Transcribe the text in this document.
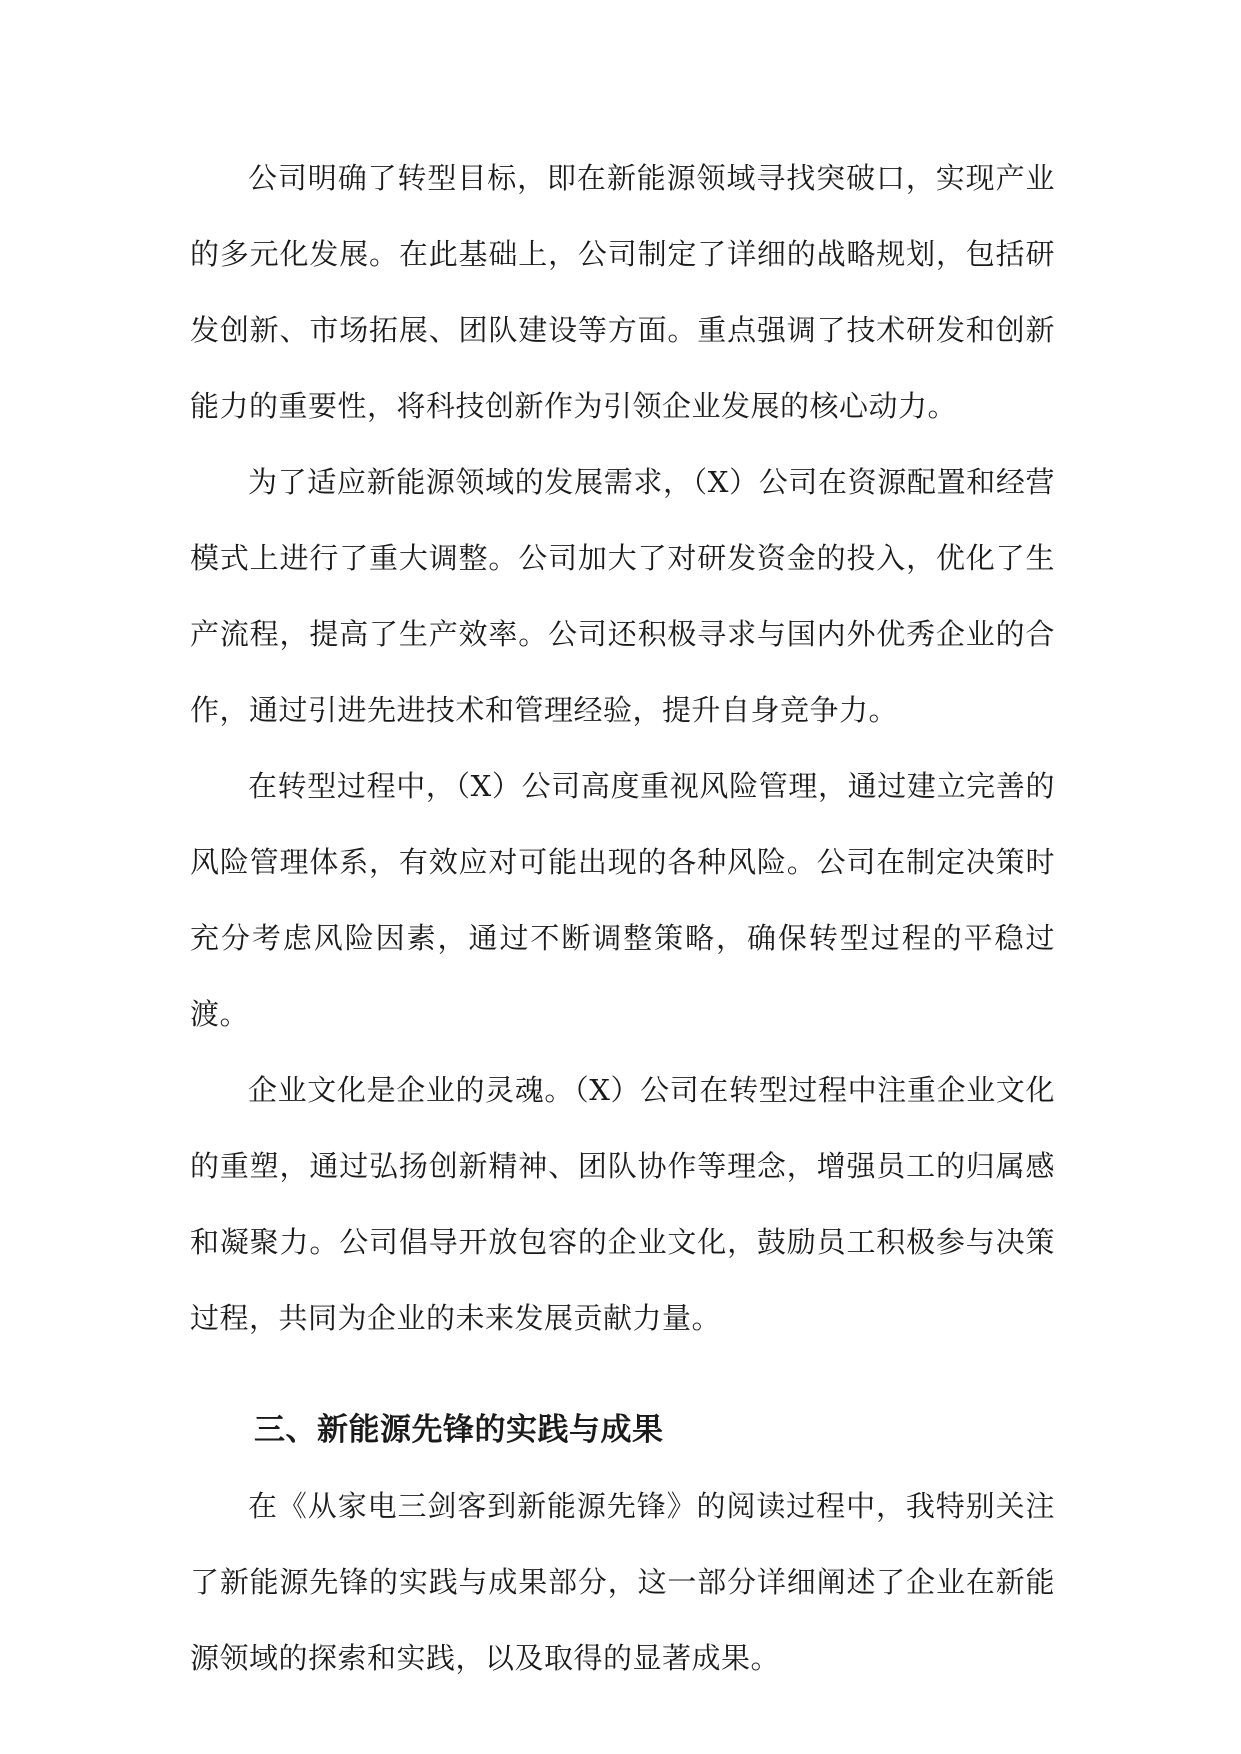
公司明确了转型目标，即在新能源领域寻找突破口，实现产业的多元化发展。在此基础上，公司制定了详细的战略规划，包括研发创新、市场拓展、团队建设等方面。重点强调了技术研发和创新能力的重要性，将科技创新作为引领企业发展的核心动力。

为了适应新能源领域的发展需求，（X）公司在资源配置和经营模式上进行了重大调整。公司加大了对研发资金的投入，优化了生产流程，提高了生产效率。公司还积极寻求与国内外优秀企业的合作，通过引进先进技术和管理经验，提升自身竞争力。

在转型过程中，（X）公司高度重视风险管理，通过建立完善的风险管理体系，有效应对可能出现的各种风险。公司在制定决策时充分考虑风险因素，通过不断调整策略，确保转型过程的平稳过渡。

企业文化是企业的灵魂。（X）公司在转型过程中注重企业文化的重塑，通过弘扬创新精神、团队协作等理念，增强员工的归属感和凝聚力。公司倡导开放包容的企业文化，鼓励员工积极参与决策过程，共同为企业的未来发展贡献力量。

三、新能源先锋的实践与成果

在《从家电三剑客到新能源先锋》的阅读过程中，我特别关注了新能源先锋的实践与成果部分，这一部分详细阐述了企业在新能源领域的探索和实践，以及取得的显著成果。
